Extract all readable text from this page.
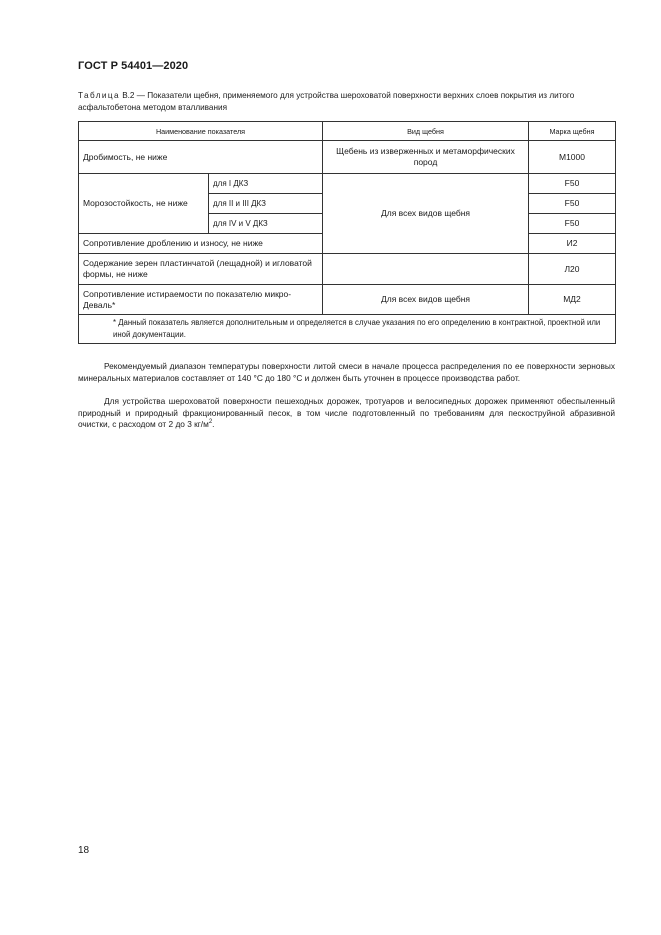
ГОСТ Р 54401—2020
Таблица В.2 — Показатели щебня, применяемого для устройства шероховатой поверхности верхних слоев покрытия из литого асфальтобетона методом вталливания
Наименование показателя		Вид щебня	Марка щебня
Дробимость, не ниже		Щебень из изверженных и метаморфических пород	М1000
Морозостойкость, не ниже	для I ДКЗ	Для всех видов щебня	F50
	для II и III ДКЗ		F50
	для IV и V ДКЗ		F50
Сопротивление дроблению и износу, не ниже			И2
Содержание зерен пластинчатой (лещадной) и игловатой формы, не ниже			Л20
Сопротивление истираемости по показателю микро-Деваль*		Для всех видов щебня	МД2

* Данный показатель является дополнительным и определяется в случае указания по его определению в контрактной, проектной или иной документации.			
Рекомендуемый диапазон температуры поверхности литой смеси в начале процесса распределения по ее поверхности зерновых минеральных материалов составляет от 140 °С до 180 °С и должен быть уточнен в процессе производства работ.
Для устройства шероховатой поверхности пешеходных дорожек, тротуаров и велосипедных дорожек применяют обеспыленный природный и природный фракционированный песок, в том числе подготовленный по требованиям для пескоструйной абразивной очистки, с расходом от 2 до 3 $кг/м^2$.
18
